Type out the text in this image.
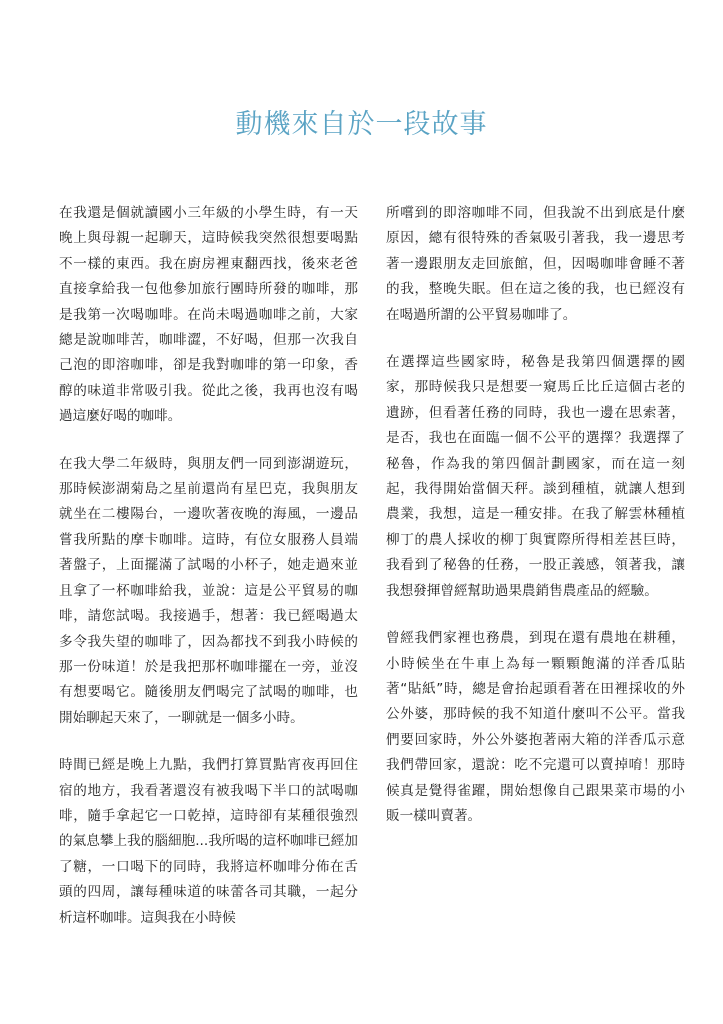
動機來自於一段故事

在我還是個就讀國小三年級的小學生時，有一天晚上與母親一起聊天，這時候我突然很想要喝點不一樣的東西。我在廚房裡東翻西找，後來老爸直接拿給我一包他參加旅行團時所發的咖啡，那是我第一次喝咖啡。在尚未喝過咖啡之前，大家總是說咖啡苦，咖啡澀，不好喝，但那一次我自己泡的即溶咖啡，卻是我對咖啡的第一印象，香醇的味道非常吸引我。從此之後，我再也沒有喝過這麼好喝的咖啡。

在我大學二年級時，與朋友們一同到澎湖遊玩，那時候澎湖菊島之星前還尚有星巴克，我與朋友就坐在二樓陽台，一邊吹著夜晚的海風，一邊品嘗我所點的摩卡咖啡。這時，有位女服務人員端著盤子，上面擺滿了試喝的小杯子，她走過來並且拿了一杯咖啡給我，並說：這是公平貿易的咖啡，請您試喝。我接過手，想著：我已經喝過太多令我失望的咖啡了，因為都找不到我小時候的那一份味道！於是我把那杯咖啡擺在一旁，並沒有想要喝它。隨後朋友們喝完了試喝的咖啡，也開始聊起天來了，一聊就是一個多小時。

時間已經是晚上九點，我們打算買點宵夜再回住宿的地方，我看著還沒有被我喝下半口的試喝咖啡，隨手拿起它一口乾掉，這時卻有某種很強烈的氣息攀上我的腦細胞...我所喝的這杯咖啡已經加了糖，一口喝下的同時，我將這杯咖啡分佈在舌頭的四周，讓每種味道的味蕾各司其職，一起分析這杯咖啡。這與我在小時候

所嚐到的即溶咖啡不同，但我說不出到底是什麼原因，總有很特殊的香氣吸引著我，我一邊思考著一邊跟朋友走回旅館，但，因喝咖啡會睡不著的我，整晚失眠。但在這之後的我，也已經沒有在喝過所謂的公平貿易咖啡了。

在選擇這些國家時，秘魯是我第四個選擇的國家，那時候我只是想要一窺馬丘比丘這個古老的遺跡，但看著任務的同時，我也一邊在思索著，是否，我也在面臨一個不公平的選擇？我選擇了秘魯，作為我的第四個計劃國家，而在這一刻起，我得開始當個天秤。談到種植，就讓人想到農業，我想，這是一種安排。在我了解雲林種植柳丁的農人採收的柳丁與實際所得相差甚巨時，我看到了秘魯的任務，一股正義感，領著我，讓我想發揮曾經幫助過果農銷售農產品的經驗。

曾經我們家裡也務農，到現在還有農地在耕種，小時候坐在牛車上為每一顆顆飽滿的洋香瓜貼著“貼紙”時，總是會抬起頭看著在田裡採收的外公外婆，那時候的我不知道什麼叫不公平。當我們要回家時，外公外婆抱著兩大箱的洋香瓜示意我們帶回家，還說：吃不完還可以賣掉唷！那時候真是覺得雀躍，開始想像自己跟果菜市場的小販一樣叫賣著。
